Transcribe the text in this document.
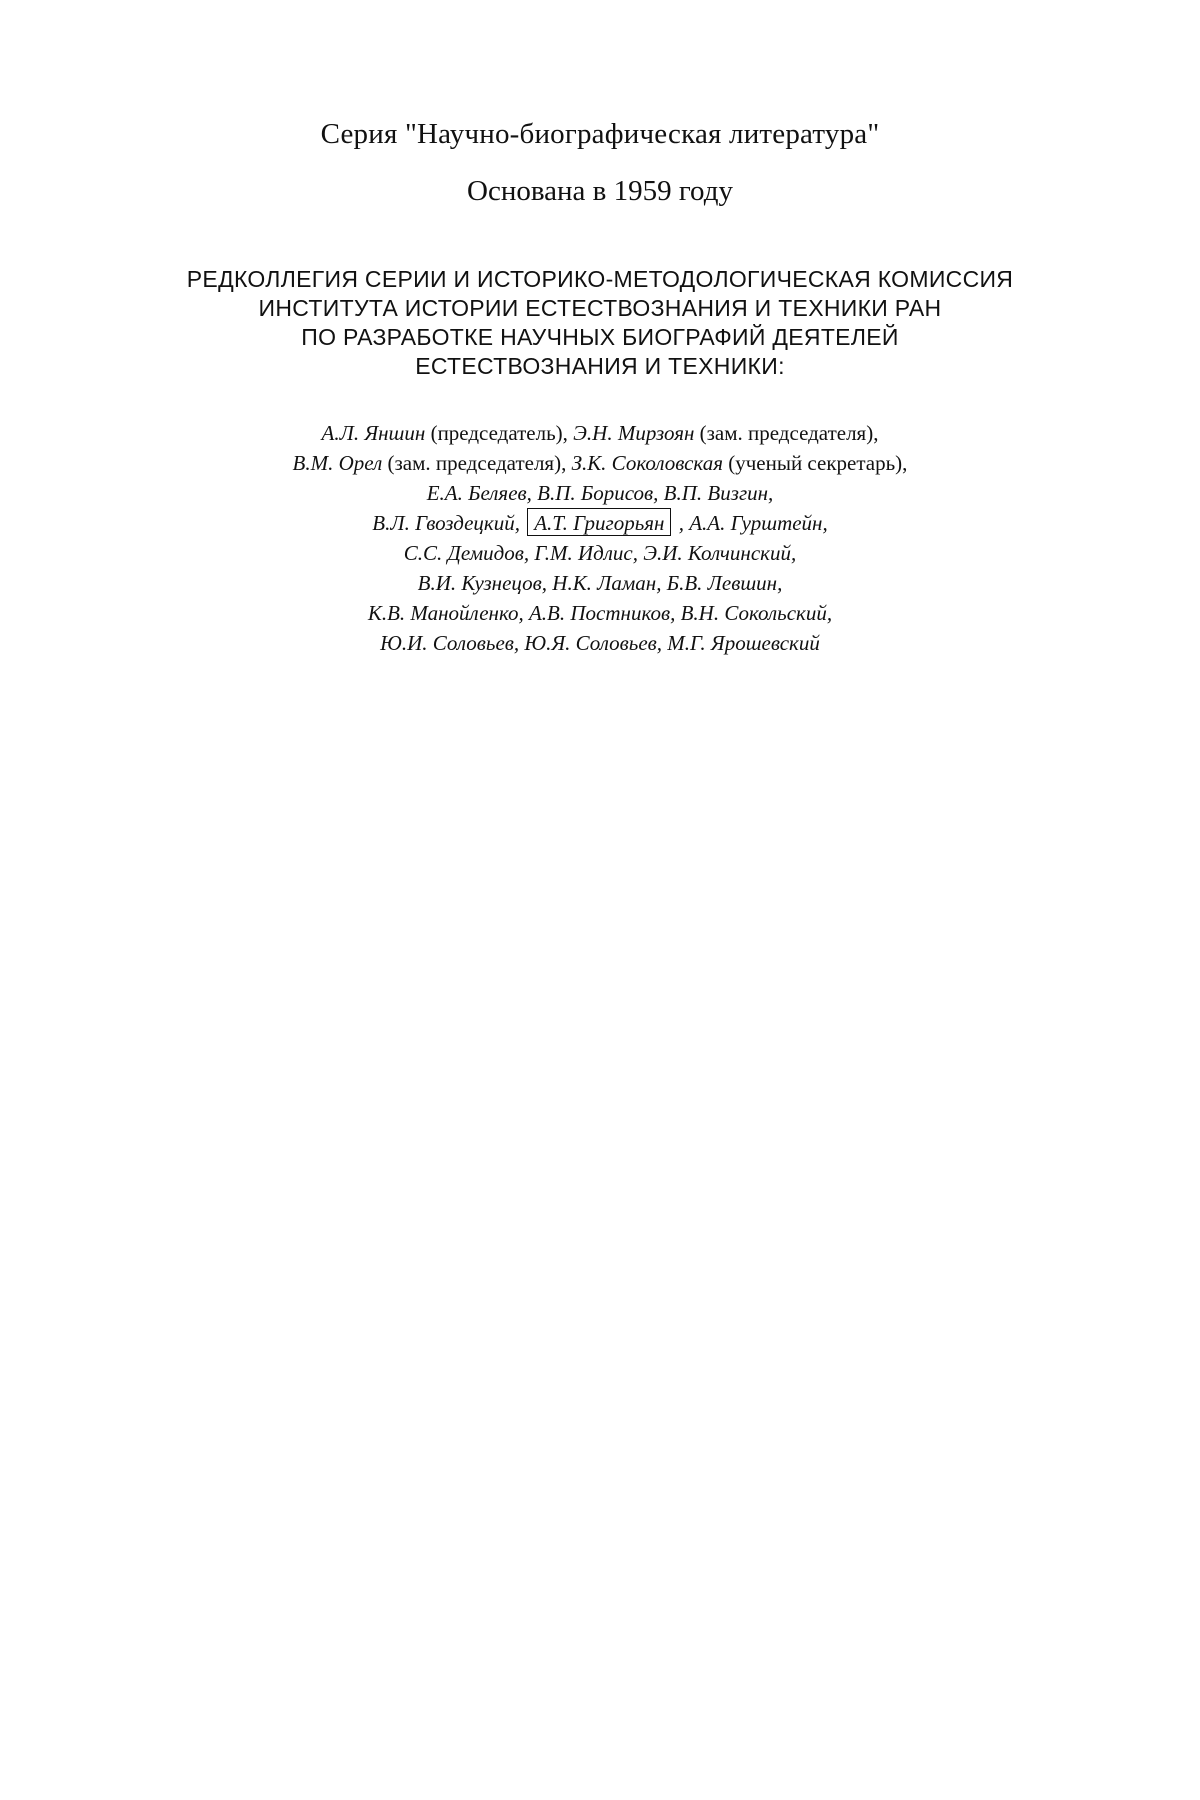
Серия "Научно-биографическая литература"
Основана в 1959 году
РЕДКОЛЛЕГИЯ СЕРИИ И ИСТОРИКО-МЕТОДОЛОГИЧЕСКАЯ КОМИССИЯ
ИНСТИТУТА ИСТОРИИ ЕСТЕСТВОЗНАНИЯ И ТЕХНИКИ РАН
ПО РАЗРАБОТКЕ НАУЧНЫХ БИОГРАФИЙ ДЕЯТЕЛЕЙ
ЕСТЕСТВОЗНАНИЯ И ТЕХНИКИ:
А.Л. Яншин (председатель), Э.Н. Мирзоян (зам. председателя),
В.М. Орел (зам. председателя), З.К. Соколовская (ученый секретарь),
Е.А. Беляев, В.П. Борисов, В.П. Визгин,
В.Л. Гвоздецкий, А.Т. Григорьян , А.А. Гурштейн,
С.С. Демидов, Г.М. Идлис, Э.И. Колчинский,
В.И. Кузнецов, Н.К. Ламан, Б.В. Левшин,
К.В. Манойленко, А.В. Постников, В.Н. Сокольский,
Ю.И. Соловьев, Ю.Я. Соловьев, М.Г. Ярошевский
